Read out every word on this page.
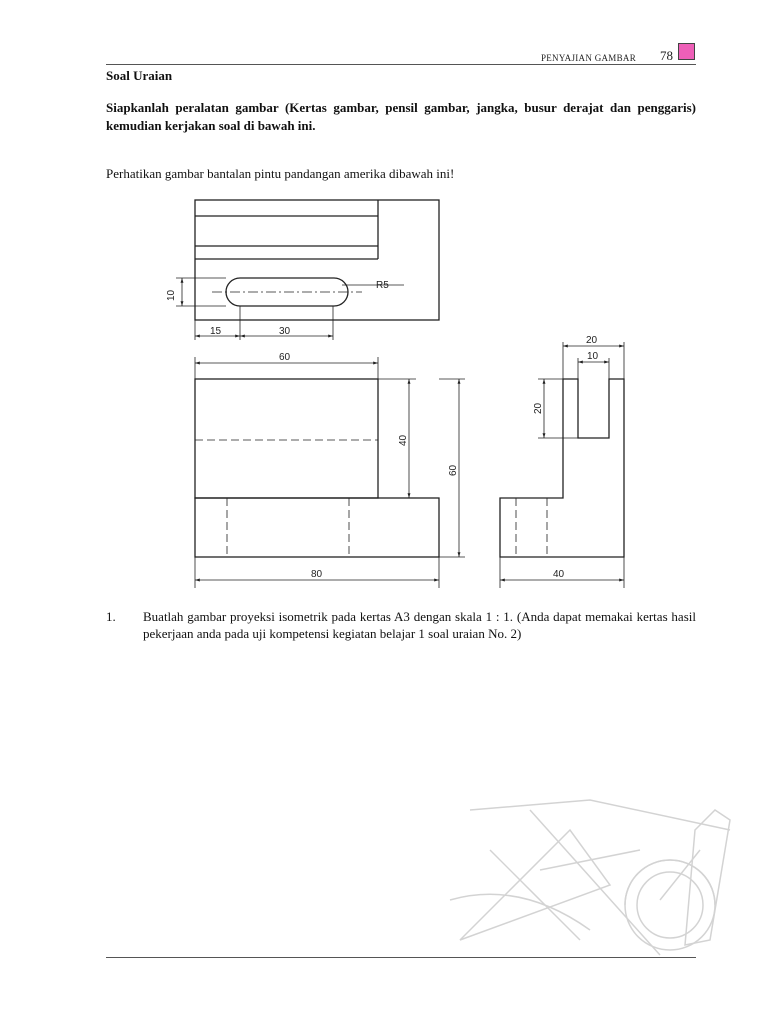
PENYAJIAN GAMBAR 78
Soal Uraian
Siapkanlah peralatan gambar (Kertas gambar, pensil gambar, jangka, busur derajat dan penggaris) kemudian kerjakan soal di bawah ini.
Perhatikan gambar bantalan pintu pandangan amerika dibawah ini!
R5
10
15	30
60
40
60
80
20
10
20
40
1. Buatlah gambar proyeksi isometrik pada kertas A3 dengan skala 1 : 1. (Anda dapat memakai kertas hasil pekerjaan anda pada uji kompetensi kegiatan belajar 1 soal uraian No. 2)
